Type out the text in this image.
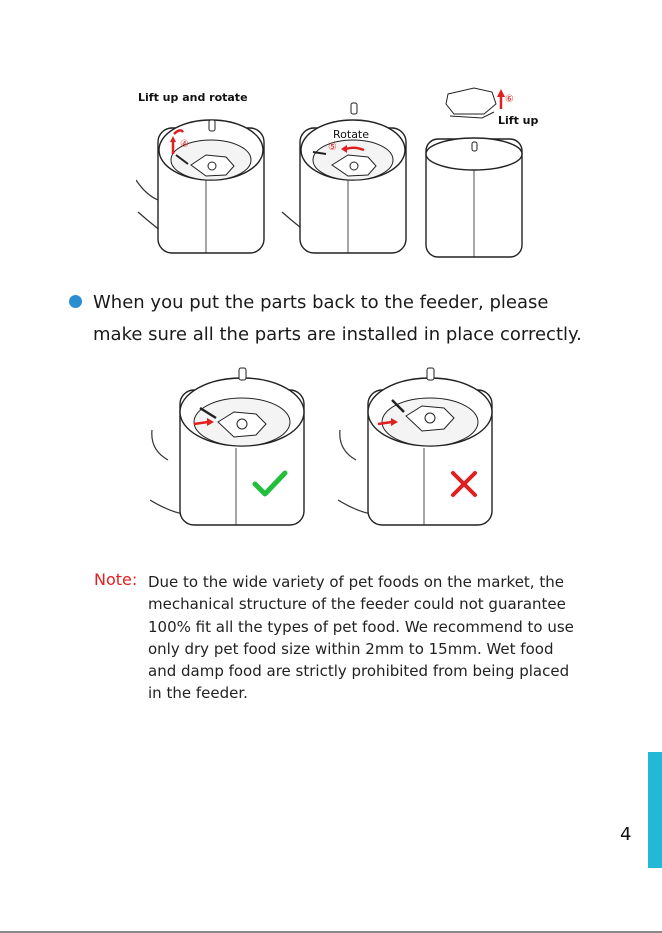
Lift up and rotate
④
Rotate
⑤
⑥
Lift up
When you put the parts back to the feeder, please make sure all the parts are installed in place correctly.
Note: Due to the wide variety of pet foods on the market, the mechanical structure of the feeder could not guarantee 100% fit all the types of pet food. We recommend to use only dry pet food size within 2mm to 15mm. Wet food and damp food are strictly prohibited from being placed in the feeder.
4
